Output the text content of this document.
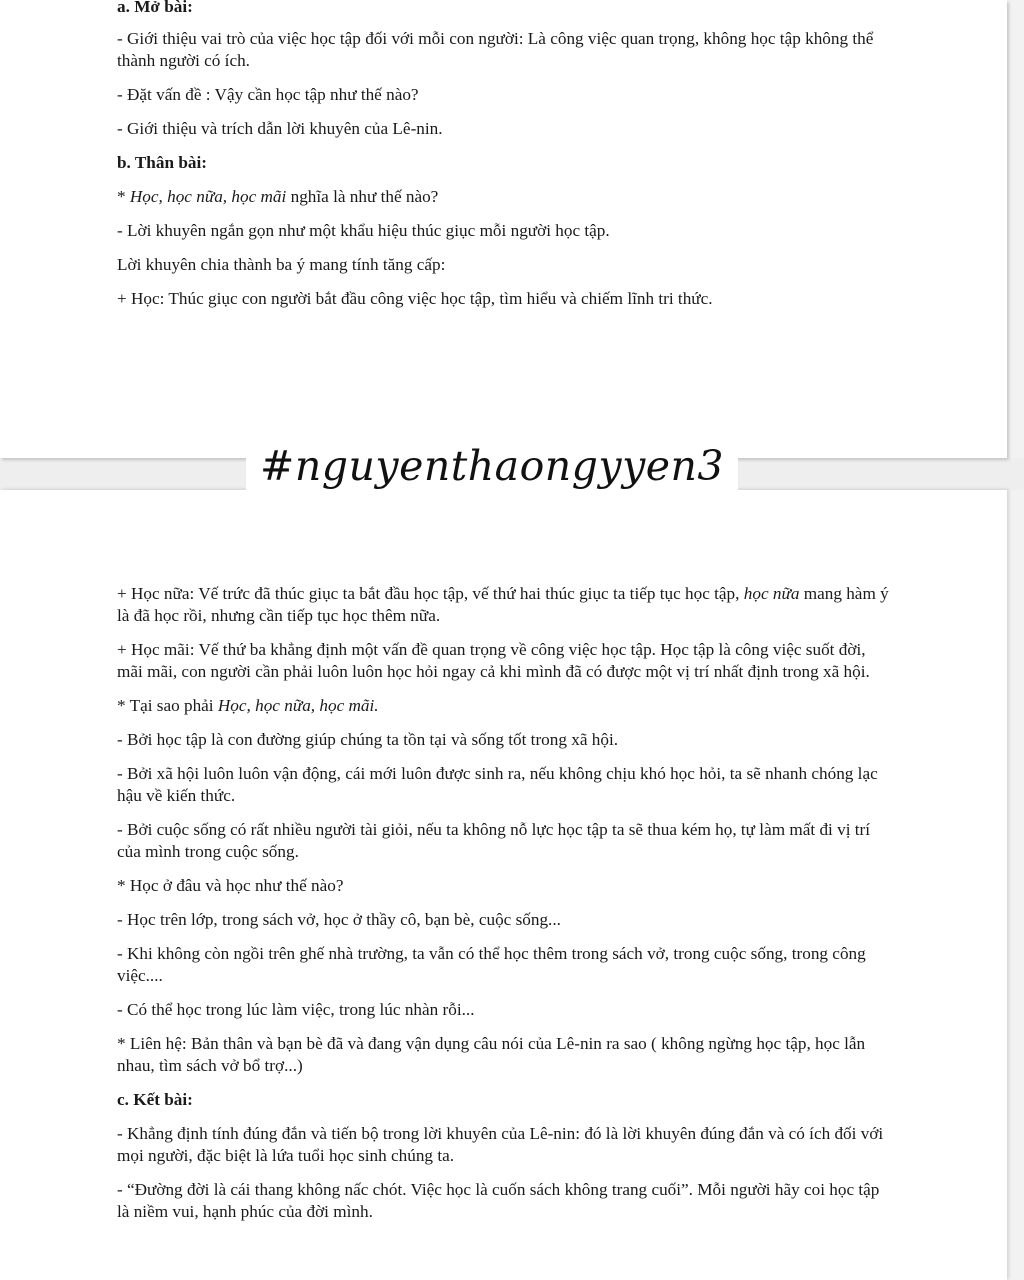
a. Mở bài:

- Giới thiệu vai trò của việc học tập đối với mỗi con người: Là công việc quan trọng, không học tập không thể thành người có ích.

- Đặt vấn đề : Vậy cần học tập như thế nào?

- Giới thiệu và trích dẫn lời khuyên của Lê-nin.

b. Thân bài:

* Học, học nữa, học mãi nghĩa là như thế nào?

- Lời khuyên ngắn gọn như một khẩu hiệu thúc giục mỗi người học tập.

Lời khuyên chia thành ba ý mang tính tăng cấp:

+ Học: Thúc giục con người bắt đầu công việc học tập, tìm hiểu và chiếm lĩnh tri thức.

#nguyenthaongyyen3

+ Học nữa: Vế trức đã thúc giục ta bắt đầu học tập, vế thứ hai thúc giục ta tiếp tục học tập, học nữa mang hàm ý là đã học rồi, nhưng cần tiếp tục học thêm nữa.

+ Học mãi: Vế thứ ba khẳng định một vấn đề quan trọng về công việc học tập. Học tập là công việc suốt đời, mãi mãi, con người cần phải luôn luôn học hỏi ngay cả khi mình đã có được một vị trí nhất định trong xã hội.

* Tại sao phải Học, học nữa, học mãi.

- Bởi học tập là con đường giúp chúng ta tồn tại và sống tốt trong xã hội.

- Bởi xã hội luôn luôn vận động, cái mới luôn được sinh ra, nếu không chịu khó học hỏi, ta sẽ nhanh chóng lạc hậu về kiến thức.

- Bởi cuộc sống có rất nhiều người tài giỏi, nếu ta không nỗ lực học tập ta sẽ thua kém họ, tự làm mất đi vị trí của mình trong cuộc sống.

* Học ở đâu và học như thế nào?

- Học trên lớp, trong sách vở, học ở thầy cô, bạn bè, cuộc sống...

- Khi không còn ngồi trên ghế nhà trường, ta vẫn có thể học thêm trong sách vở, trong cuộc sống, trong công việc....

- Có thể học trong lúc làm việc, trong lúc nhàn rỗi...

* Liên hệ: Bản thân và bạn bè đã và đang vận dụng câu nói của Lê-nin ra sao ( không ngừng học tập, học lẫn nhau, tìm sách vở bổ trợ...)

c. Kết bài:

- Khẳng định tính đúng đắn và tiến bộ trong lời khuyên của Lê-nin: đó là lời khuyên đúng đắn và có ích đối với mọi người, đặc biệt là lứa tuổi học sinh chúng ta.

- “Đường đời là cái thang không nấc chót. Việc học là cuốn sách không trang cuối”. Mỗi người hãy coi học tập là niềm vui, hạnh phúc của đời mình.
